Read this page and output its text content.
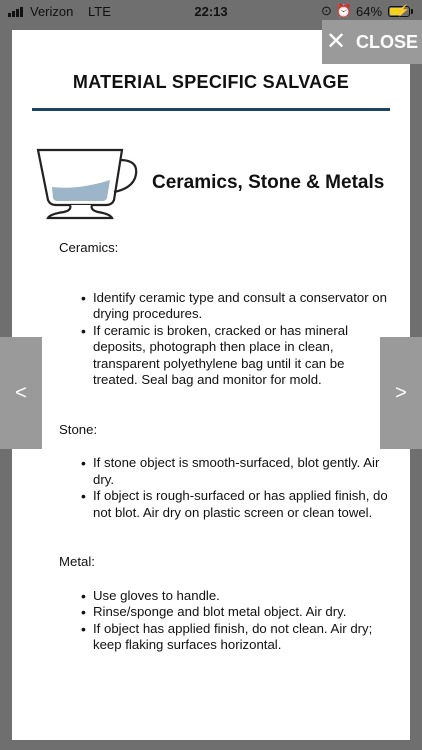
Verizon LTE	22:13	⊙ ⏰ 64% ⚡
✕ CLOSE
MATERIAL SPECIFIC SALVAGE
Ceramics, Stone & Metals

Ceramics:

• Identify ceramic type and consult a conservator on drying procedures.
• If ceramic is broken, cracked or has mineral deposits, photograph then place in clean, transparent polyethylene bag until it can be treated. Seal bag and monitor for mold.

Stone:

• If stone object is smooth-surfaced, blot gently. Air dry.
• If object is rough-surfaced or has applied finish, do not blot. Air dry on plastic screen or clean towel.

Metal:

• Use gloves to handle.
• Rinse/sponge and blot metal object. Air dry.
• If object has applied finish, do not clean. Air dry; keep flaking surfaces horizontal.
<	>
